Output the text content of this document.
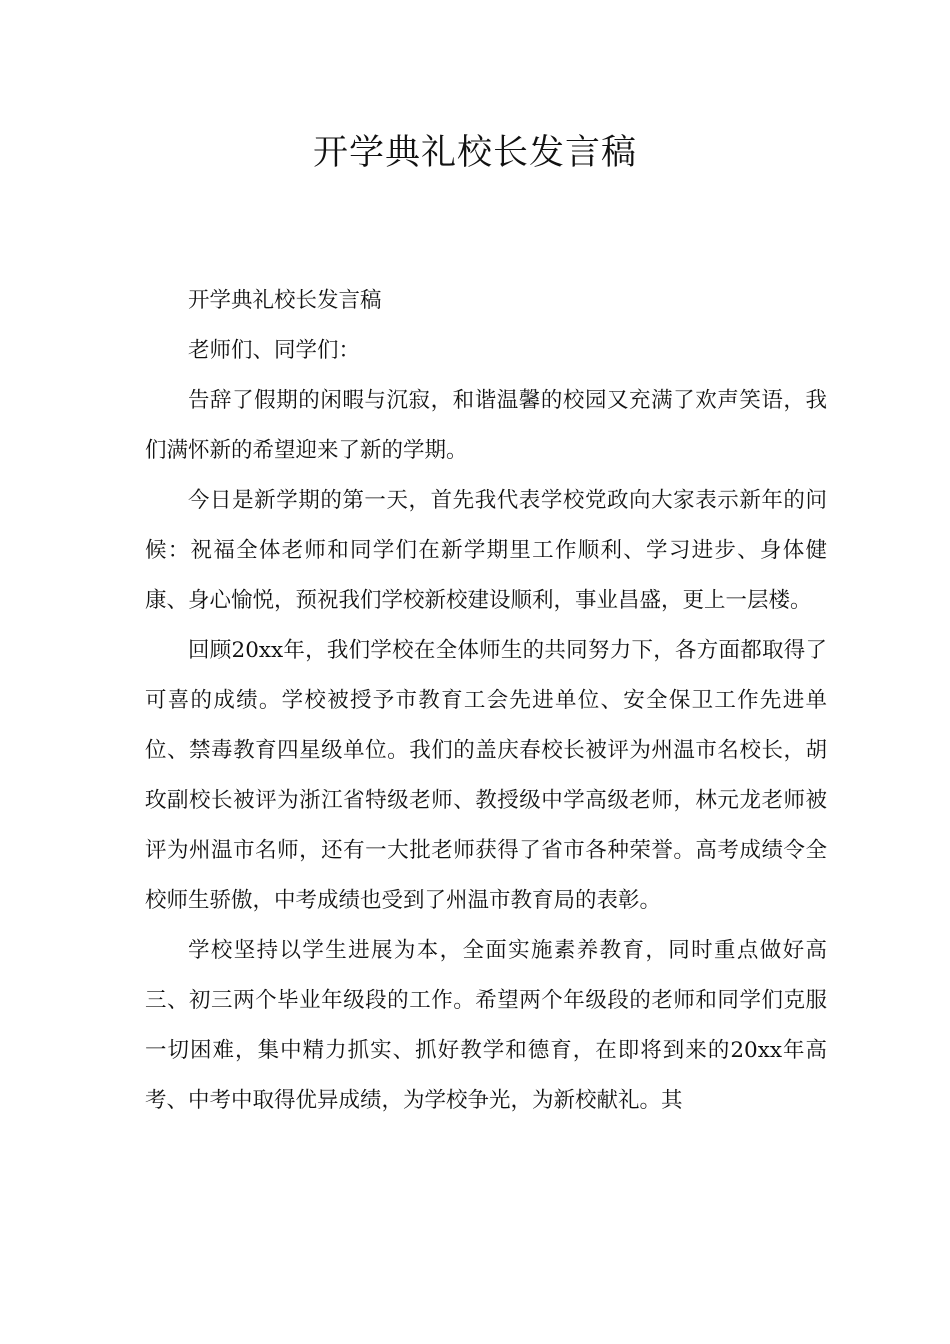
开学典礼校长发言稿

开学典礼校长发言稿

老师们、同学们：

告辞了假期的闲暇与沉寂，和谐温馨的校园又充满了欢声笑语，我们满怀新的希望迎来了新的学期。

今日是新学期的第一天，首先我代表学校党政向大家表示新年的问候：祝福全体老师和同学们在新学期里工作顺利、学习进步、身体健康、身心愉悦，预祝我们学校新校建设顺利，事业昌盛，更上一层楼。

回顾20xx年，我们学校在全体师生的共同努力下，各方面都取得了可喜的成绩。学校被授予市教育工会先进单位、安全保卫工作先进单位、禁毒教育四星级单位。我们的盖庆春校长被评为州温市名校长，胡玫副校长被评为浙江省特级老师、教授级中学高级老师，林元龙老师被评为州温市名师，还有一大批老师获得了省市各种荣誉。高考成绩令全校师生骄傲，中考成绩也受到了州温市教育局的表彰。

学校坚持以学生进展为本，全面实施素养教育，同时重点做好高三、初三两个毕业年级段的工作。希望两个年级段的老师和同学们克服一切困难，集中精力抓实、抓好教学和德育，在即将到来的20xx年高考、中考中取得优异成绩，为学校争光，为新校献礼。其
